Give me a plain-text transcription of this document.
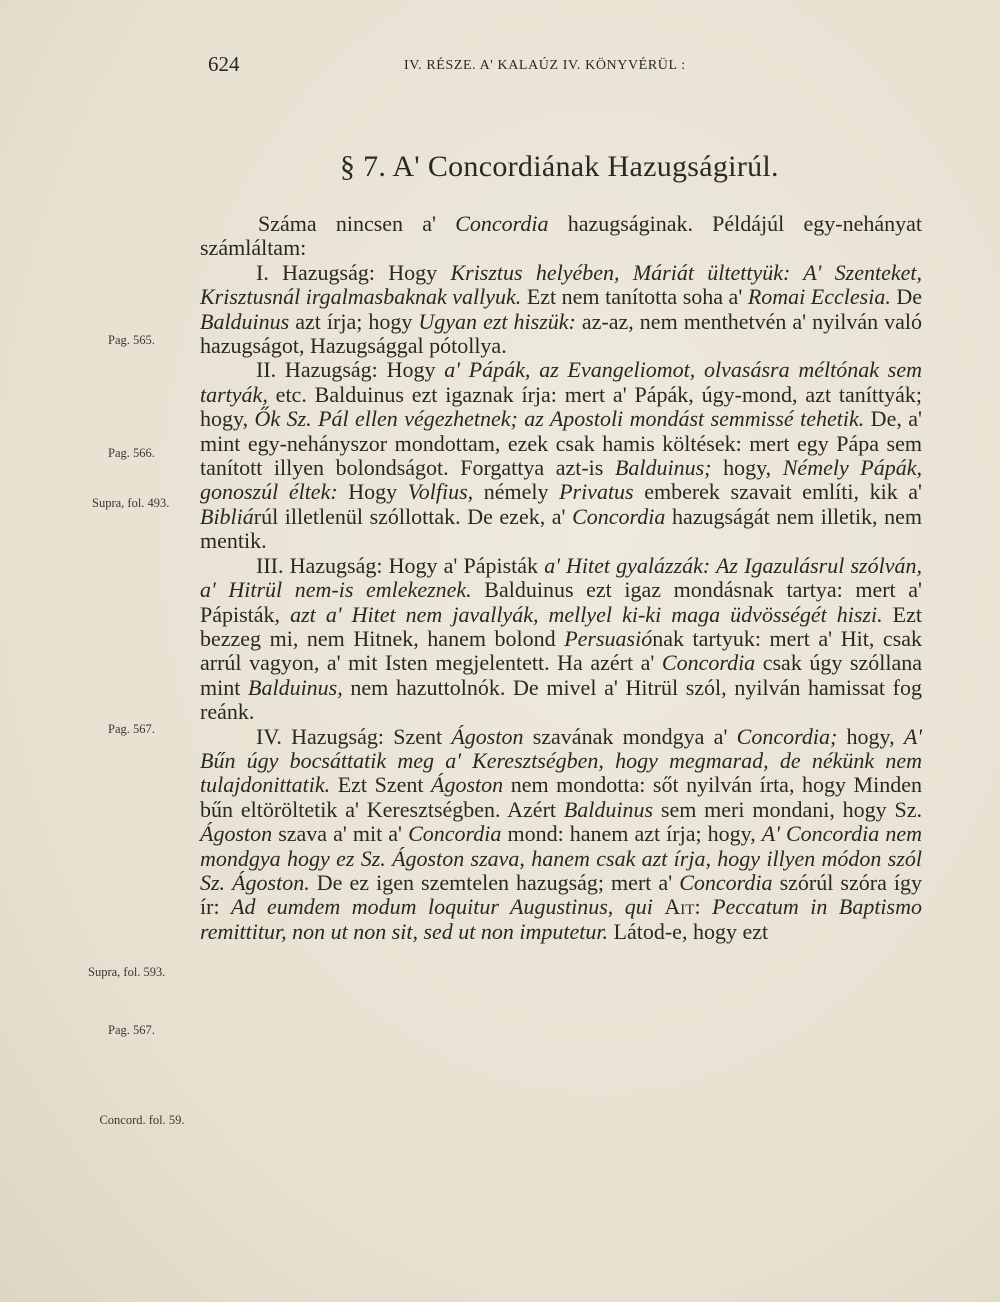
624	IV. RÉSZE. A' KALAÚZ IV. KÖNYVÉRÜL :
§ 7. A' Concordiának Hazugságirúl.
Pag. 565.
Pag. 566.
Supra, fol. 493.
Pag. 567.
Supra, fol. 593.
Pag. 567.
Concord. fol. 59.

Száma nincsen a' Concordia hazugságinak. Példájúl egy-nehányat számláltam:

I. Hazugság: Hogy Krisztus helyében, Máriát ültettyük: A' Szenteket, Krisztusnál irgalmasbaknak vallyuk. Ezt nem tanította soha a' Romai Ecclesia. De Balduinus azt írja; hogy Ugyan ezt hiszük: az-az, nem menthetvén a' nyilván való hazugságot, Hazugsággal pótollya.

II. Hazugság: Hogy a' Pápák, az Evangeliomot, olvasásra méltónak sem tartyák, etc. Balduinus ezt igaznak írja: mert a' Pápák, úgy-mond, azt taníttyák; hogy, Ők Sz. Pál ellen végezhetnek; az Apostoli mondást semmissé tehetik. De, a' mint egy-nehányszor mondottam, ezek csak hamis költések: mert egy Pápa sem tanított illyen bolondságot. Forgattya azt-is Balduinus; hogy, Némely Pápák, gonoszúl éltek: Hogy Volfius, némely Privatus emberek szavait említi, kik a' Bibliárúl illetlenül szóllottak. De ezek, a' Concordia hazugságát nem illetik, nem mentik.

III. Hazugság: Hogy a' Pápisták a' Hitet gyalázzák: Az Igazulásrul szólván, a' Hitrül nem-is emlekeznek. Balduinus ezt igaz mondásnak tartya: mert a' Pápisták, azt a' Hitet nem javallyák, mellyel ki-ki maga üdvösségét hiszi. Ezt bezzeg mi, nem Hitnek, hanem bolond Persuasiónak tartyuk: mert a' Hit, csak arrúl vagyon, a' mit Isten megjelentett. Ha azért a' Concordia csak úgy szóllana mint Balduinus, nem hazuttolnók. De mivel a' Hitrül szól, nyilván hamissat fog reánk.

IV. Hazugság: Szent Ágoston szavának mondgya a' Concordia; hogy, A' Bűn úgy bocsáttatik meg a' Keresztségben, hogy megmarad, de nékünk nem tulajdonittatik. Ezt Szent Ágoston nem mondotta: sőt nyilván írta, hogy Minden bűn eltöröltetik a' Keresztségben. Azért Balduinus sem meri mondani, hogy Sz. Ágoston szava a' mit a' Concordia mond: hanem azt írja; hogy, A' Concordia nem mondgya hogy ez Sz. Ágoston szava, hanem csak azt írja, hogy illyen módon szól Sz. Ágoston. De ez igen szemtelen hazugság; mert a' Concordia szórúl szóra így ír: Ad eumdem modum loquitur Augustinus, qui Ait: Peccatum in Baptismo remittitur, non ut non sit, sed ut non imputetur. Látod-e, hogy ezt
